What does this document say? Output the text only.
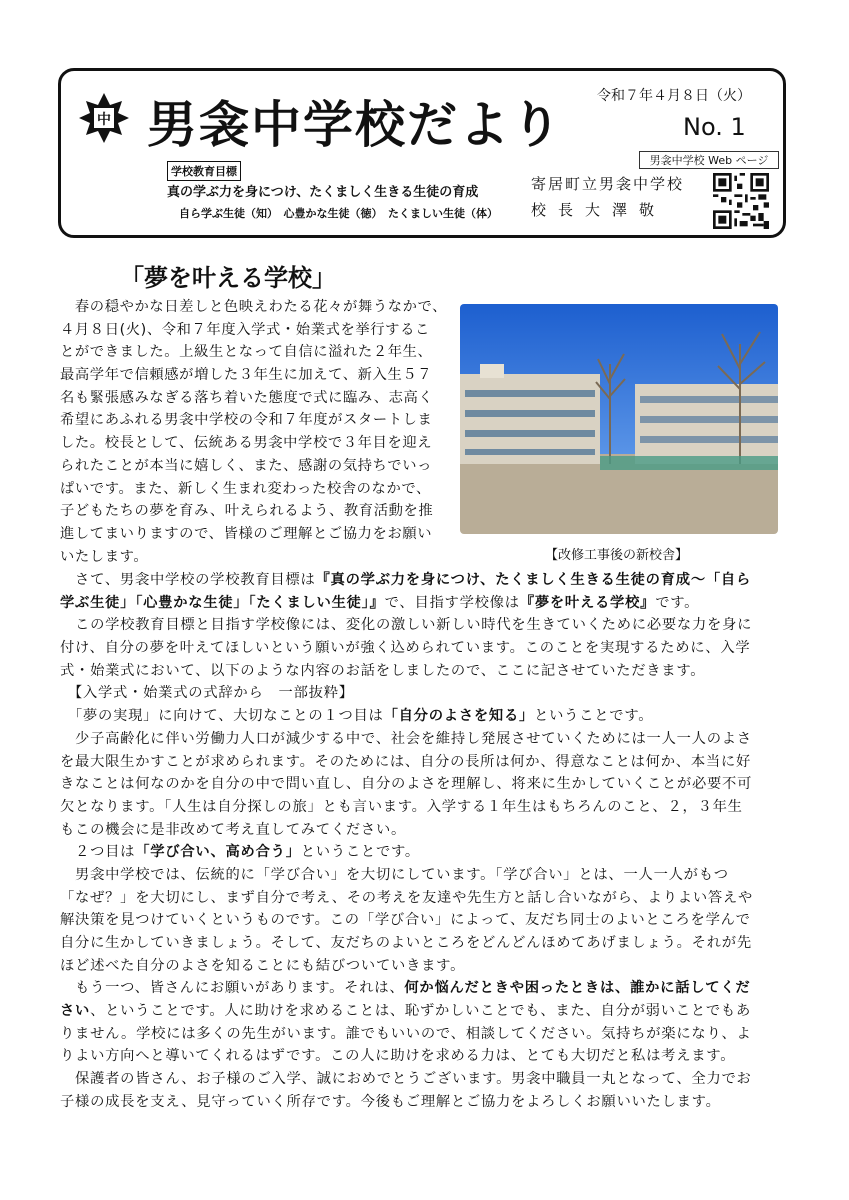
中 男衾中学校だより 令和７年４月８日（火）
No. 1
男衾中学校 Web ページ
学校教育目標
真の学ぶ力を身につけ、たくましく生きる生徒の育成
自ら学ぶ生徒（知）　心豊かな生徒（徳）　たくましい生徒（体）
寄居町立男衾中学校
校長大澤敬
「夢を叶える学校」
　春の穏やかな日差しと色映えわたる花々が舞うなかで、
４月８日(火)、令和７年度入学式・始業式を挙行するこ
とができました。上級生となって自信に溢れた２年生、
最高学年で信頼感が増した３年生に加えて、新入生５７
名も緊張感みなぎる落ち着いた態度で式に臨み、志高く
希望にあふれる男衾中学校の令和７年度がスタートしま
した。校長として、伝統ある男衾中学校で３年目を迎え
られたことが本当に嬉しく、また、感謝の気持ちでいっ
ぱいです。また、新しく生まれ変わった校舎のなかで、
子どもたちの夢を育み、叶えられるよう、教育活動を推
進してまいりますので、皆様のご理解とご協力をお願い
いたします。	【改修工事後の新校舎】
　さて、男衾中学校の学校教育目標は『真の学ぶ力を身につけ、たくましく生きる生徒の育成～「自ら
学ぶ生徒」「心豊かな生徒」「たくましい生徒」』で、目指す学校像は『夢を叶える学校』です。
　この学校教育目標と目指す学校像には、変化の激しい新しい時代を生きていくために必要な力を身に
付け、自分の夢を叶えてほしいという願いが強く込められています。このことを実現するために、入学
式・始業式において、以下のような内容のお話をしましたので、ここに記させていただきます。
　【入学式・始業式の式辞から　一部抜粋】
　「夢の実現」に向けて、大切なことの１つ目は「自分のよさを知る」ということです。
　少子高齢化に伴い労働力人口が減少する中で、社会を維持し発展させていくためには一人一人のよさ
を最大限生かすことが求められます。そのためには、自分の長所は何か、得意なことは何か、本当に好
きなことは何なのかを自分の中で問い直し、自分のよさを理解し、将来に生かしていくことが必要不可
欠となります。「人生は自分探しの旅」とも言います。入学する１年生はもちろんのこと、２，３年生
もこの機会に是非改めて考え直してみてください。
　２つ目は「学び合い、高め合う」ということです。
　男衾中学校では、伝統的に「学び合い」を大切にしています。「学び合い」とは、一人一人がもつ
「なぜ？」を大切にし、まず自分で考え、その考えを友達や先生方と話し合いながら、よりよい答えや
解決策を見つけていくというものです。この「学び合い」によって、友だち同士のよいところを学んで
自分に生かしていきましょう。そして、友だちのよいところをどんどんほめてあげましょう。それが先
ほど述べた自分のよさを知ることにも結びついていきます。
　もう一つ、皆さんにお願いがあります。それは、何か悩んだときや困ったときは、誰かに話してくだ
さい、ということです。人に助けを求めることは、恥ずかしいことでも、また、自分が弱いことでもあ
りません。学校には多くの先生がいます。誰でもいいので、相談してください。気持ちが楽になり、よ
りよい方向へと導いてくれるはずです。この人に助けを求める力は、とても大切だと私は考えます。
　保護者の皆さん、お子様のご入学、誠におめでとうございます。男衾中職員一丸となって、全力でお
子様の成長を支え、見守っていく所存です。今後もご理解とご協力をよろしくお願いいたします。
